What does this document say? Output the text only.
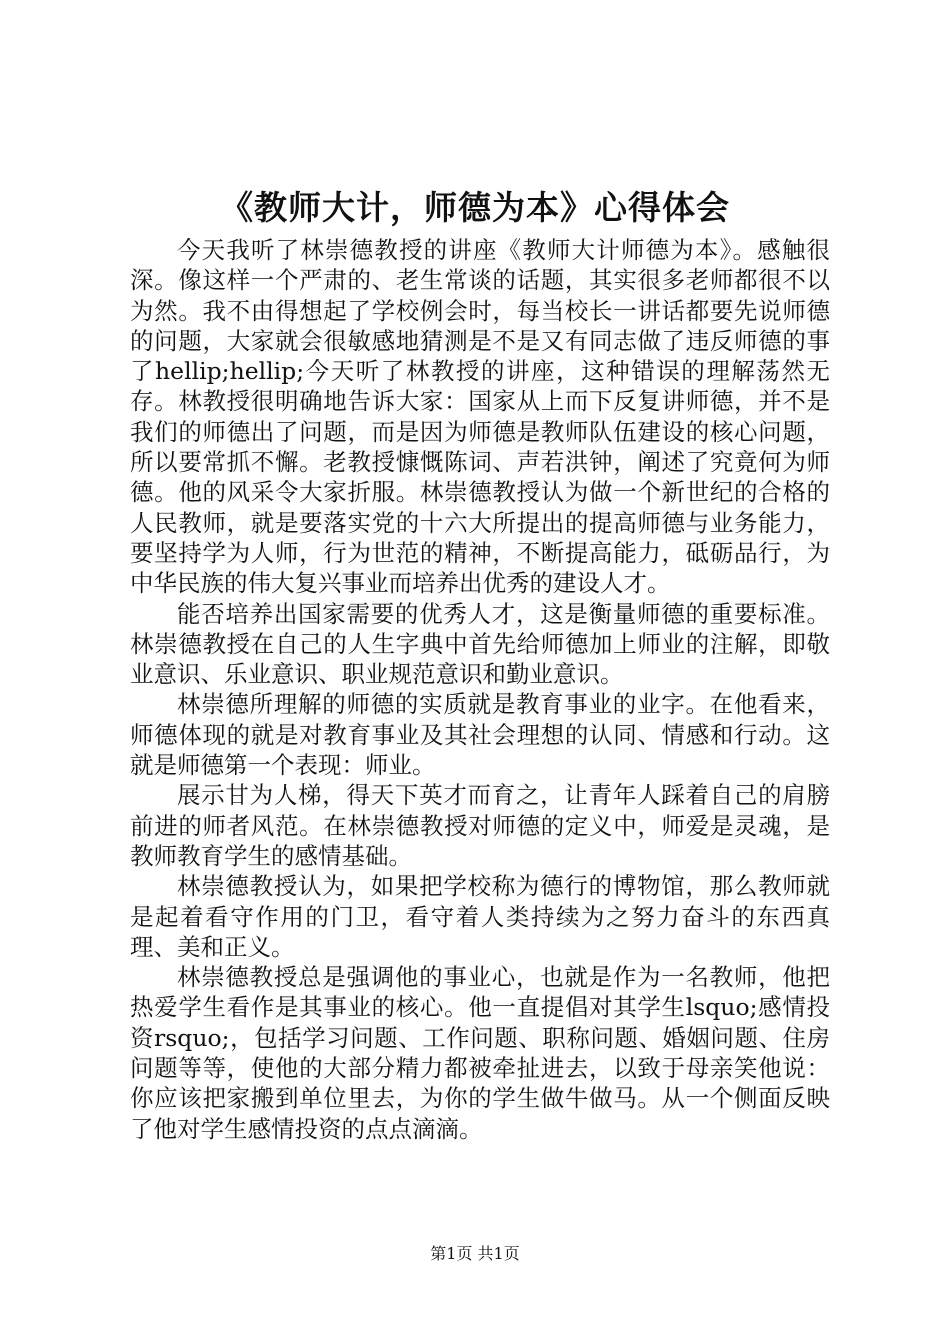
《教师大计，师德为本》心得体会

今天我听了林崇德教授的讲座《教师大计师德为本》。感触很深。像这样一个严肃的、老生常谈的话题，其实很多老师都很不以为然。我不由得想起了学校例会时，每当校长一讲话都要先说师德的问题，大家就会很敏感地猜测是不是又有同志做了违反师德的事了hellip;hellip;今天听了林教授的讲座，这种错误的理解荡然无存。林教授很明确地告诉大家：国家从上而下反复讲师德，并不是我们的师德出了问题，而是因为师德是教师队伍建设的核心问题，所以要常抓不懈。老教授慷慨陈词、声若洪钟，阐述了究竟何为师德。他的风采令大家折服。林崇德教授认为做一个新世纪的合格的人民教师，就是要落实党的十六大所提出的提高师德与业务能力，要坚持学为人师，行为世范的精神，不断提高能力，砥砺品行，为中华民族的伟大复兴事业而培养出优秀的建设人才。

能否培养出国家需要的优秀人才，这是衡量师德的重要标准。林崇德教授在自己的人生字典中首先给师德加上师业的注解，即敬业意识、乐业意识、职业规范意识和勤业意识。

林崇德所理解的师德的实质就是教育事业的业字。在他看来，师德体现的就是对教育事业及其社会理想的认同、情感和行动。这就是师德第一个表现：师业。

展示甘为人梯，得天下英才而育之，让青年人踩着自己的肩膀前进的师者风范。在林崇德教授对师德的定义中，师爱是灵魂，是教师教育学生的感情基础。

林崇德教授认为，如果把学校称为德行的博物馆，那么教师就是起着看守作用的门卫，看守着人类持续为之努力奋斗的东西真理、美和正义。

林崇德教授总是强调他的事业心，也就是作为一名教师，他把热爱学生看作是其事业的核心。他一直提倡对其学生lsquo;感情投资rsquo;，包括学习问题、工作问题、职称问题、婚姻问题、住房问题等等，使他的大部分精力都被牵扯进去，以致于母亲笑他说：你应该把家搬到单位里去，为你的学生做牛做马。从一个侧面反映了他对学生感情投资的点点滴滴。

第1页 共1页
